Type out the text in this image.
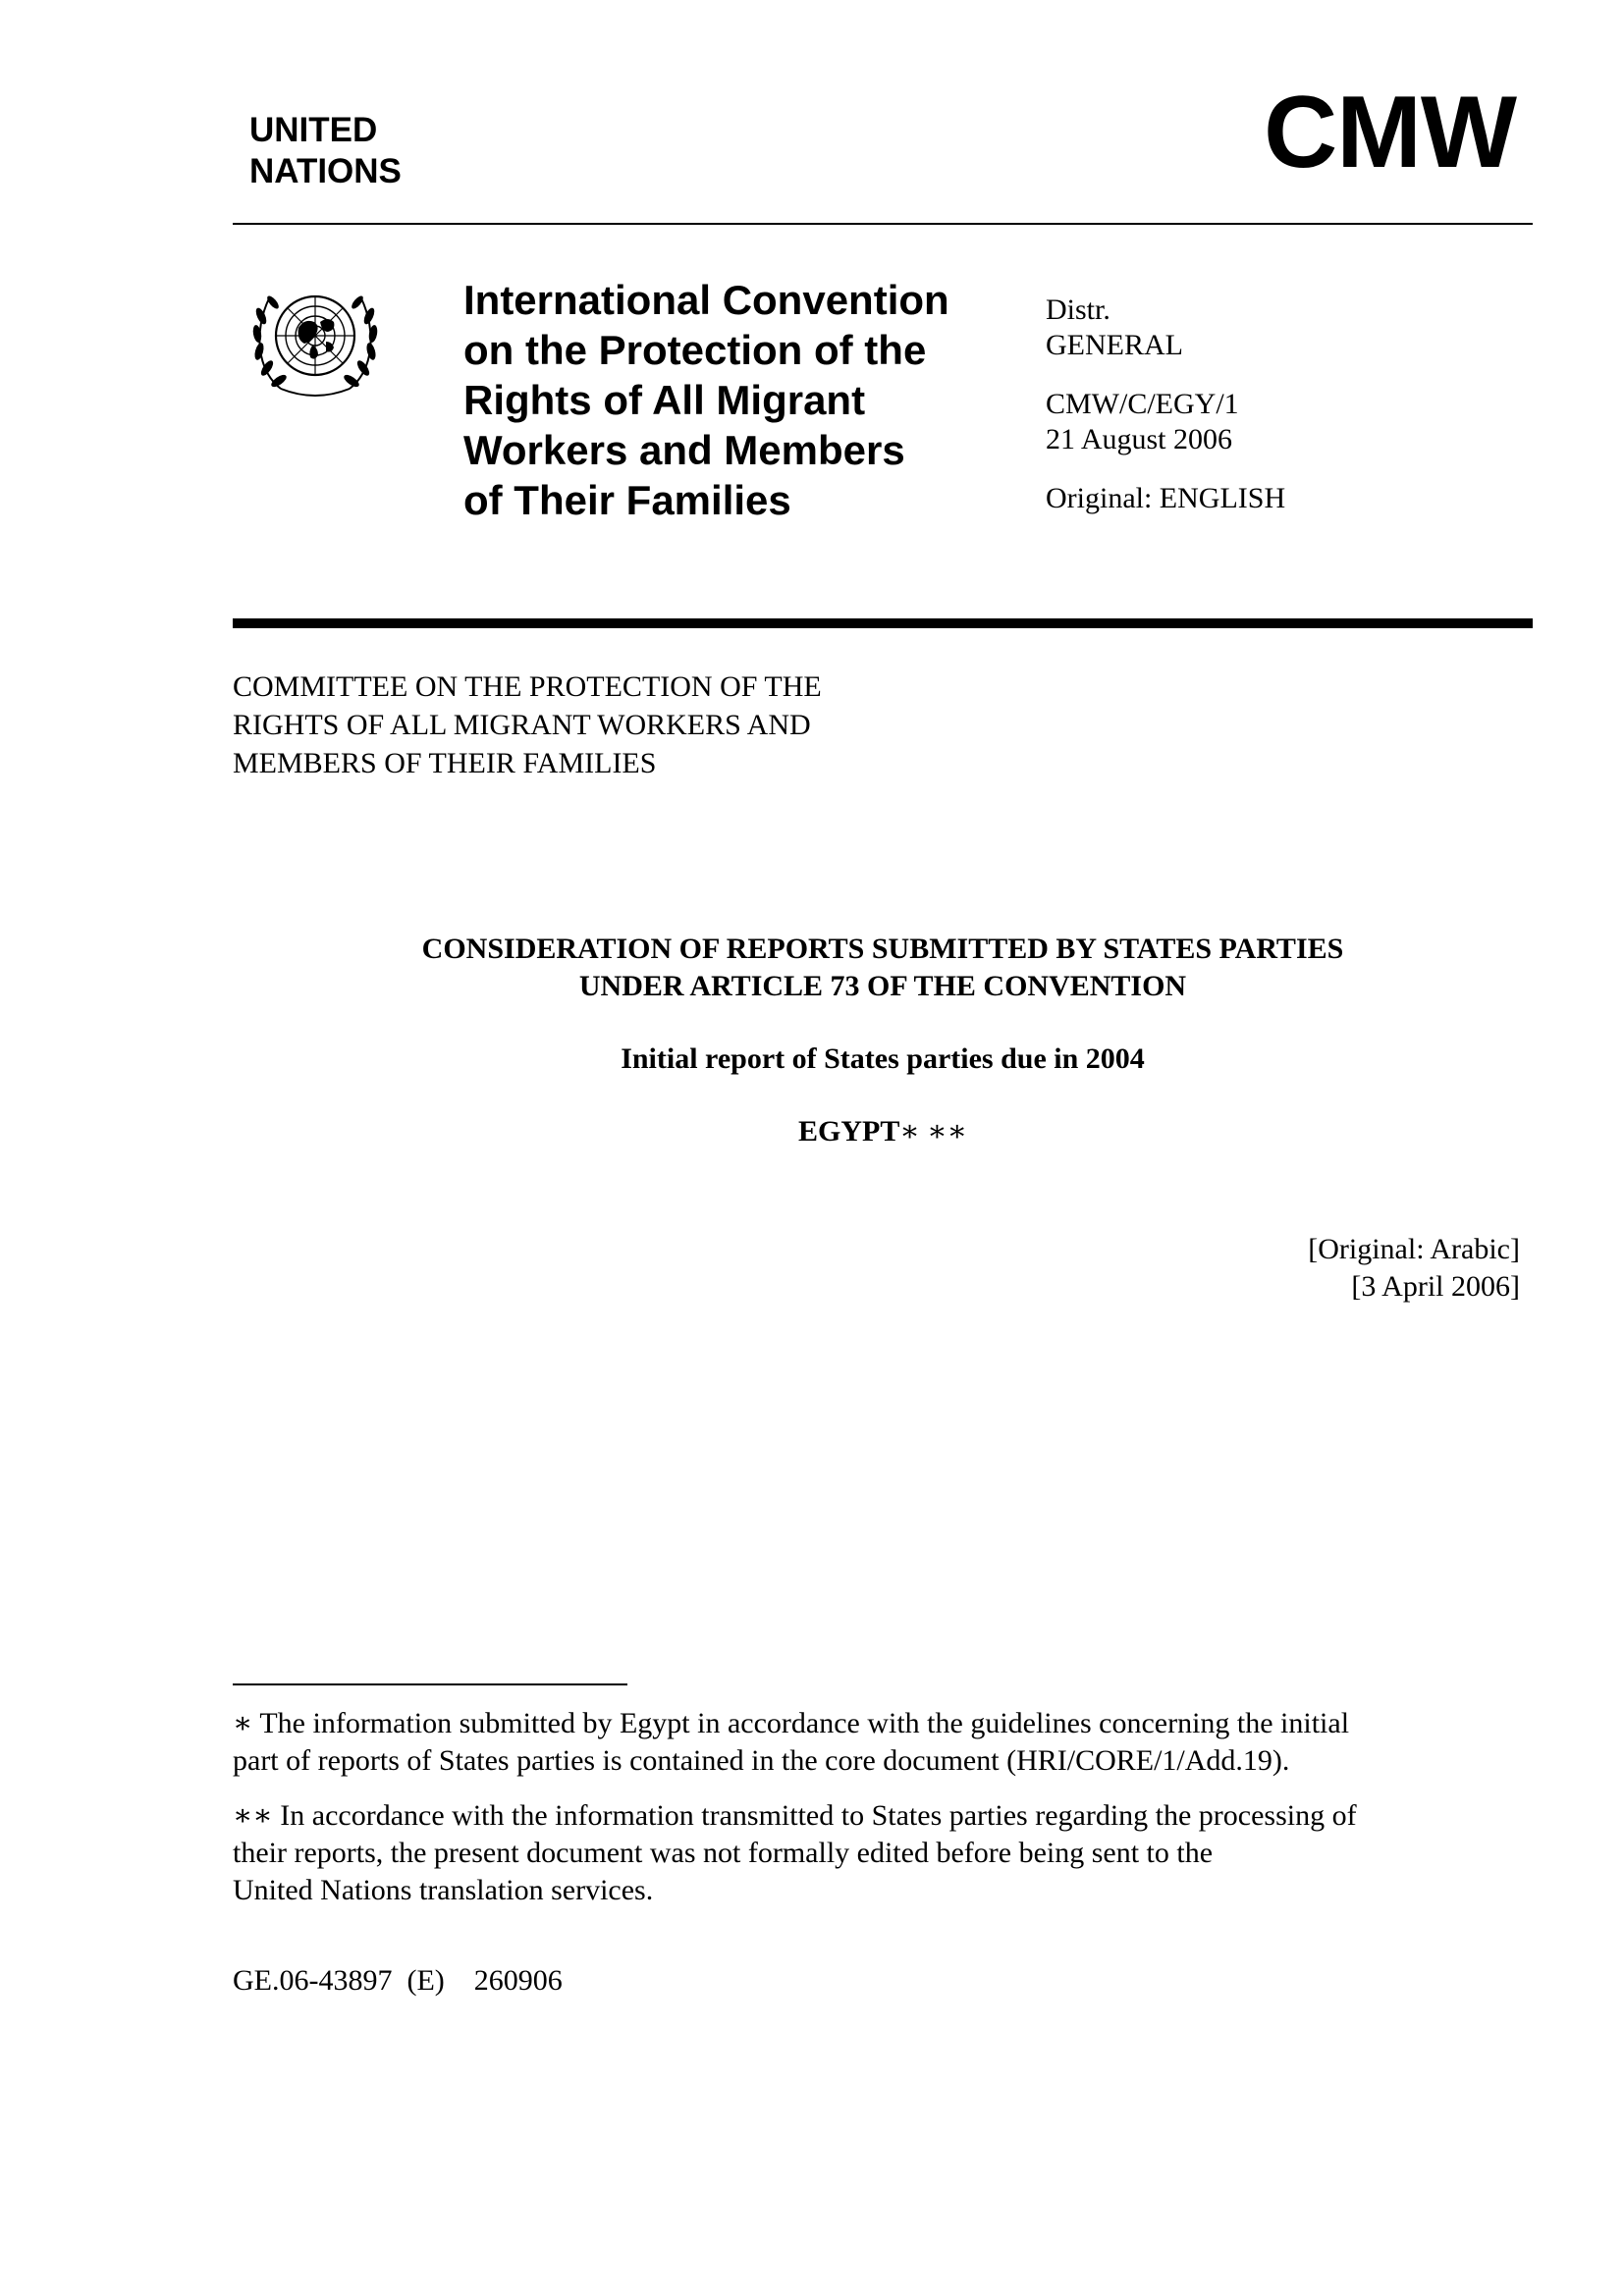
UNITED
NATIONS	CMW
International Convention
on the Protection of the
Rights of All Migrant
Workers and Members
of Their Families
Distr.
GENERAL
CMW/C/EGY/1
21 August 2006
Original: ENGLISH
COMMITTEE ON THE PROTECTION OF THE
RIGHTS OF ALL MIGRANT WORKERS AND
MEMBERS OF THEIR FAMILIES
CONSIDERATION OF REPORTS SUBMITTED BY STATES PARTIES
UNDER ARTICLE 73 OF THE CONVENTION
Initial report of States parties due in 2004
EGYPT∗ ∗∗
[Original: Arabic]
[3 April 2006]
∗ The information submitted by Egypt in accordance with the guidelines concerning the initial
part of reports of States parties is contained in the core document (HRI/CORE/1/Add.19).
∗∗ In accordance with the information transmitted to States parties regarding the processing of
their reports, the present document was not formally edited before being sent to the
United Nations translation services.
GE.06-43897  (E)    260906
